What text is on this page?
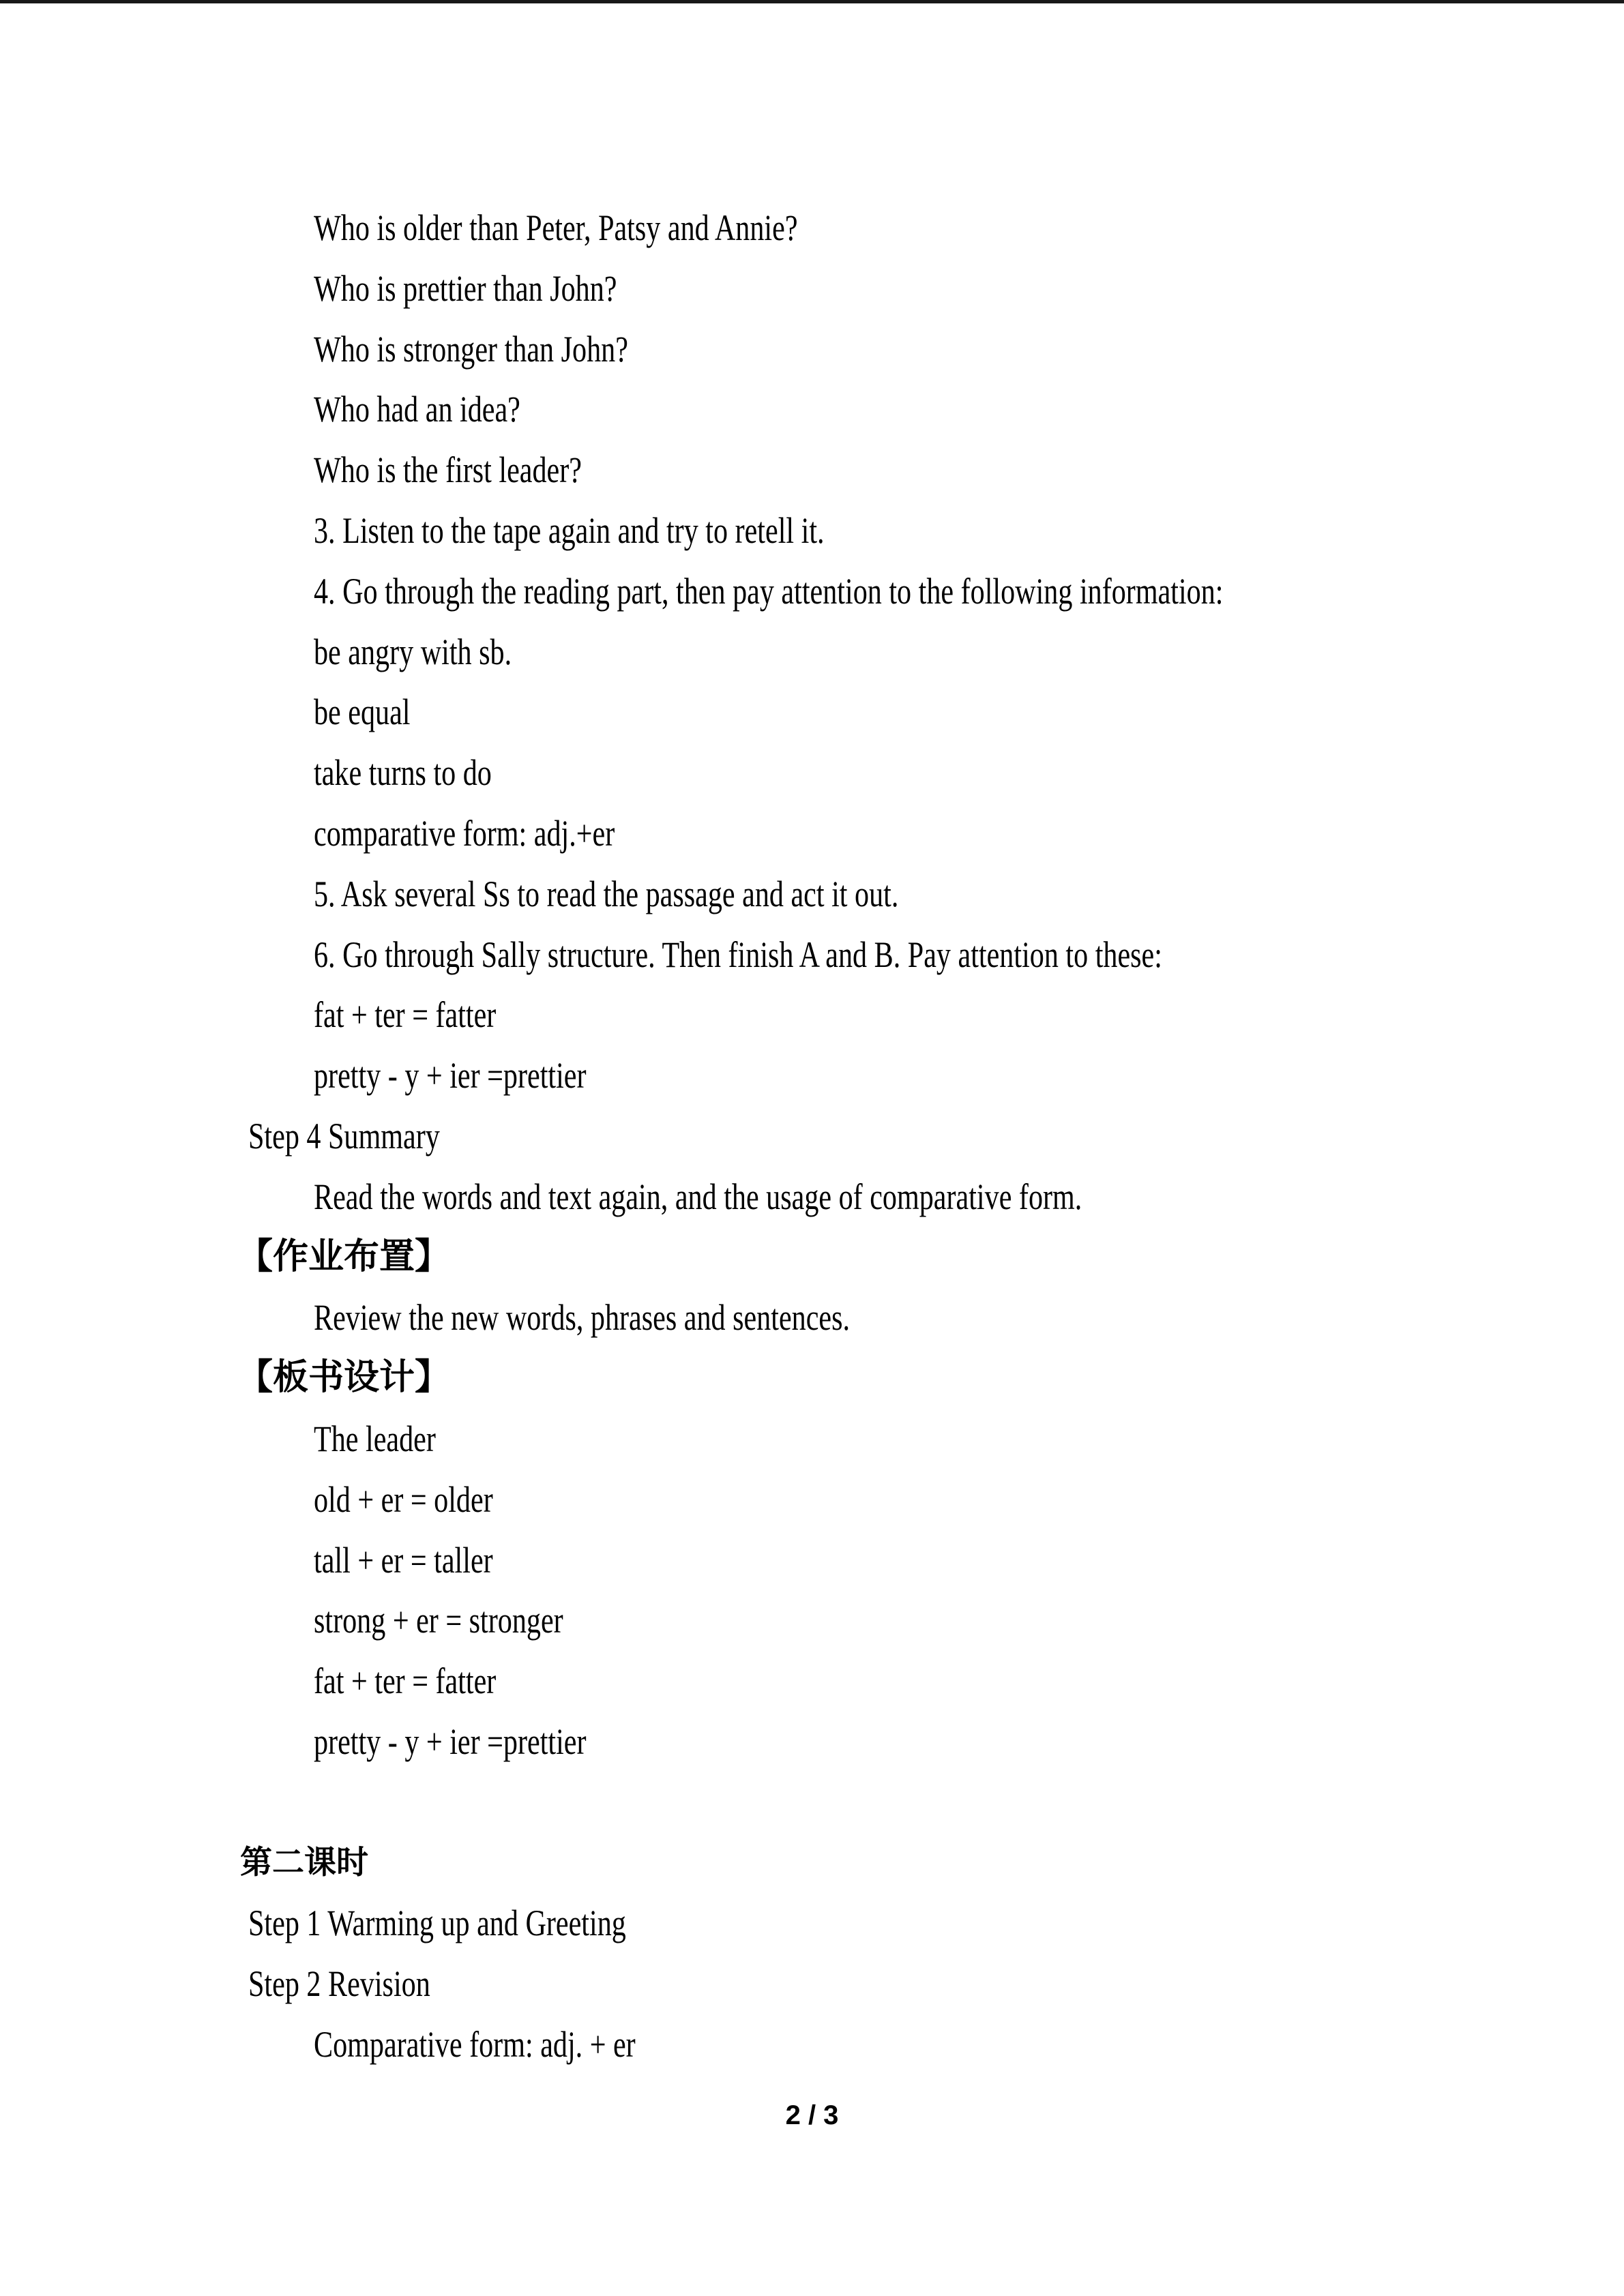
Who is older than Peter, Patsy and Annie?
Who is prettier than John?
Who is stronger than John?
Who had an idea?
Who is the first leader?
3. Listen to the tape again and try to retell it.
4. Go through the reading part, then pay attention to the following information:
be angry with sb.
be equal
take turns to do
comparative form: adj.+er
5. Ask several Ss to read the passage and act it out.
6. Go through Sally structure. Then finish A and B. Pay attention to these:
fat + ter = fatter
pretty - y + ier =prettier
Step 4 Summary
Read the words and text again, and the usage of comparative form.
【作业布置】
Review the new words, phrases and sentences.
【板书设计】
The leader
old + er = older
tall + er = taller
strong + er = stronger
fat + ter = fatter
pretty - y + ier =prettier
第二课时
Step 1 Warming up and Greeting
Step 2 Revision
Comparative form: adj. + er
2 / 3
